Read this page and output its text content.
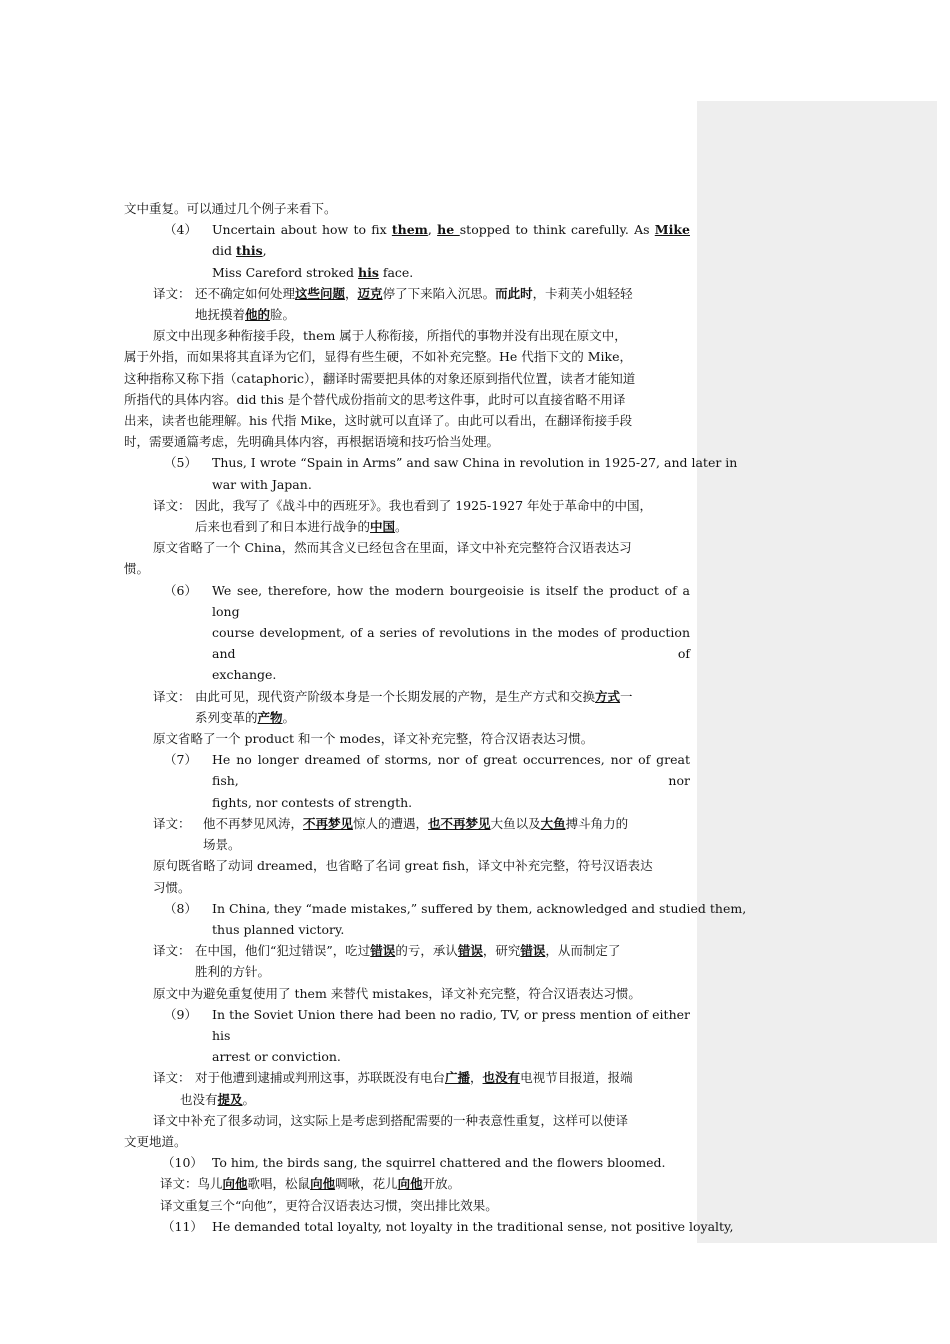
文中重复。可以通过几个例子来看下。
（4）	Uncertain about how to fix them, he stopped to think carefully. As Mike did this,
Miss Careford stroked his face.
译文： 还不确定如何处理这些问题，迈克停了下来陷入沉思。而此时，卡莉芙小姐轻轻
地抚摸着他的脸。
原文中出现多种衔接手段，them 属于人称衔接，所指代的事物并没有出现在原文中，
属于外指，而如果将其直译为它们，显得有些生硬，不如补充完整。He 代指下文的 Mike，
这种指称又称下指（cataphoric），翻译时需要把具体的对象还原到指代位置，读者才能知道
所指代的具体内容。did this 是个替代成份指前文的思考这件事，此时可以直接省略不用译
出来，读者也能理解。his 代指 Mike，这时就可以直译了。由此可以看出，在翻译衔接手段
时，需要通篇考虑，先明确具体内容，再根据语境和技巧恰当处理。
（5）	Thus, I wrote “Spain in Arms” and saw China in revolution in 1925-27, and later in
war with Japan.
译文： 因此，我写了《战斗中的西班牙》。我也看到了 1925-1927 年处于革命中的中国，
后来也看到了和日本进行战争的中国。
原文省略了一个 China，然而其含义已经包含在里面，译文中补充完整符合汉语表达习
惯。
（6）	We see, therefore, how the modern bourgeoisie is itself the product of a long
course development, of a series of revolutions in the modes of production and of
exchange.
译文： 由此可见，现代资产阶级本身是一个长期发展的产物，是生产方式和交换方式一
系列变革的产物。
原文省略了一个 product 和一个 modes，译文补充完整，符合汉语表达习惯。
（7）	He no longer dreamed of storms, nor of great occurrences, nor of great fish, nor
fights, nor contests of strength.
译文： 他不再梦见风涛，不再梦见惊人的遭遇，也不再梦见大鱼以及大鱼搏斗角力的
场景。
原句既省略了动词 dreamed，也省略了名词 great fish，译文中补充完整，符号汉语表达
习惯。
（8）	In China, they “made mistakes,” suffered by them, acknowledged and studied them,
thus planned victory.
译文： 在中国，他们“犯过错误”，吃过错误的亏，承认错误，研究错误，从而制定了
胜利的方针。
原文中为避免重复使用了 them 来替代 mistakes，译文补充完整，符合汉语表达习惯。
（9）	In the Soviet Union there had been no radio, TV, or press mention of either his
arrest or conviction.
译文： 对于他遭到逮捕或判刑这事，苏联既没有电台广播，也没有电视节目报道，报端
也没有提及。
译文中补充了很多动词，这实际上是考虑到搭配需要的一种表意性重复，这样可以使译
文更地道。
（10） To him, the birds sang, the squirrel chattered and the flowers bloomed.
译文：鸟儿向他歌唱，松鼠向他啁啾，花儿向他开放。
译文重复三个“向他”，更符合汉语表达习惯，突出排比效果。
（11） He demanded total loyalty, not loyalty in the traditional sense, not positive loyalty,
